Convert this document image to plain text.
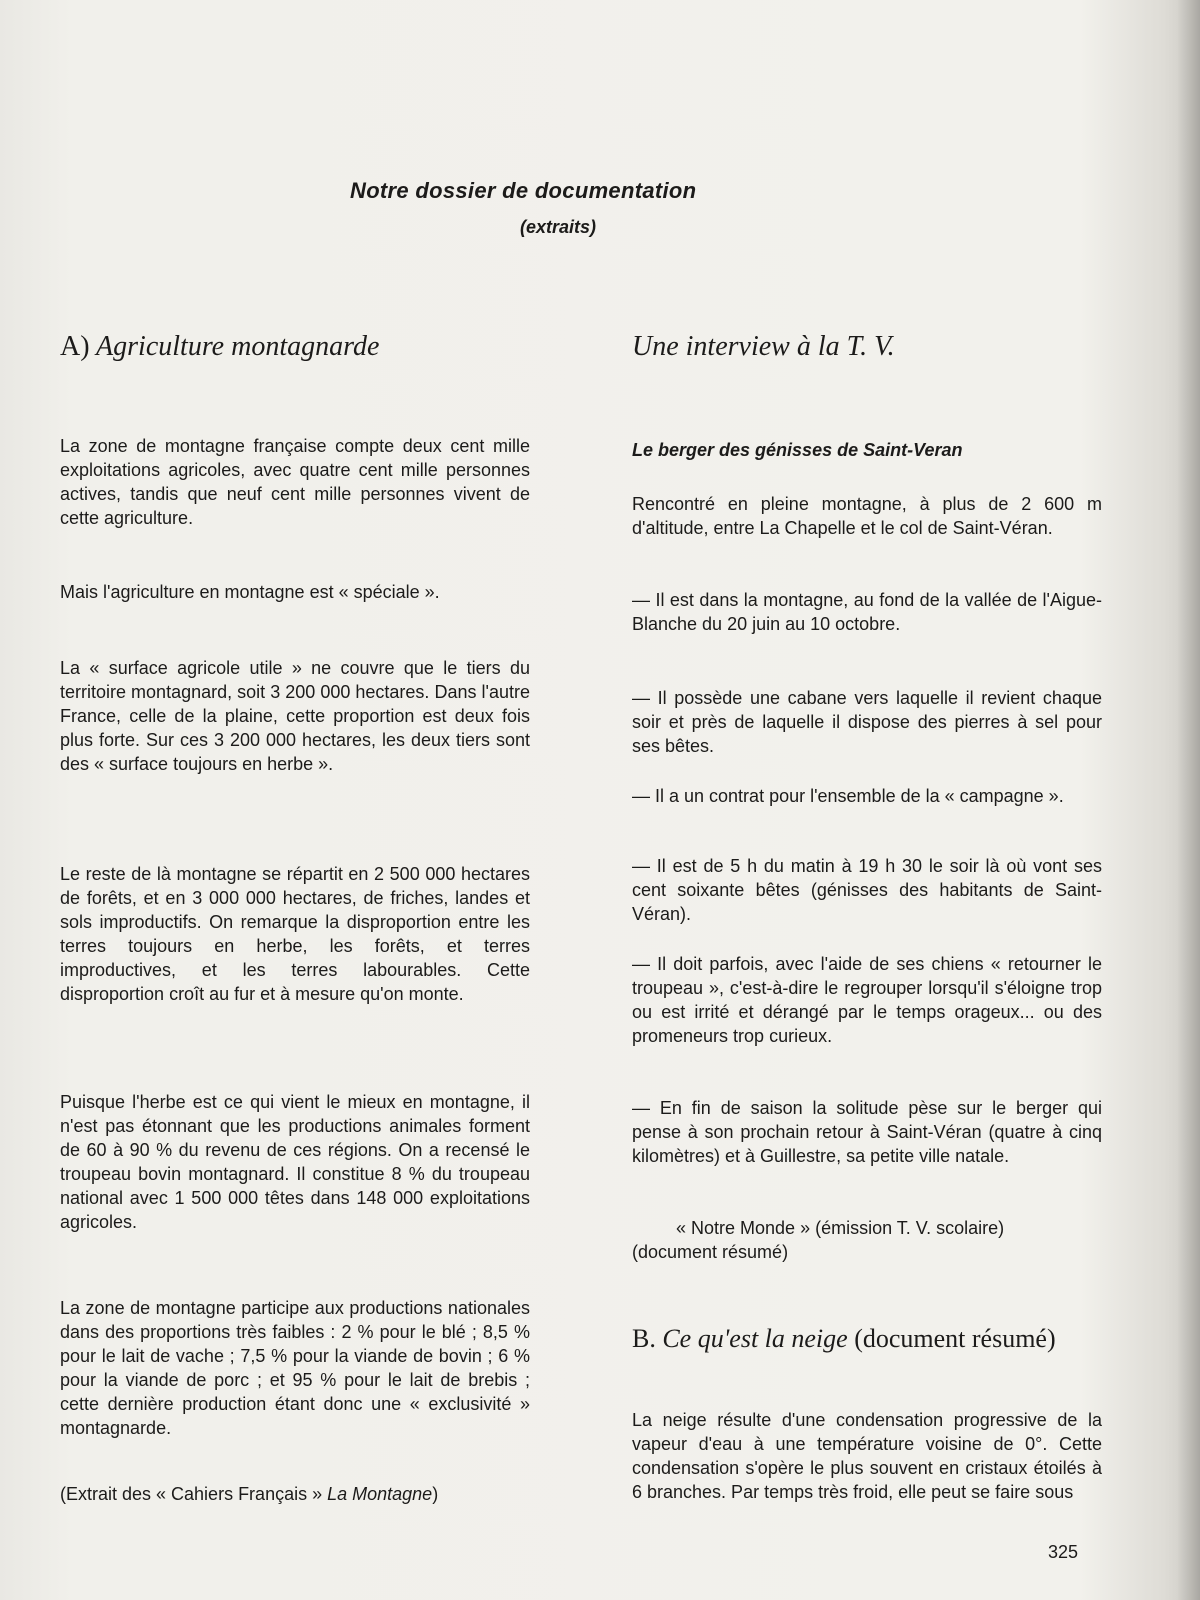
Notre dossier de documentation
(extraits)
A) Agriculture montagnarde

La zone de montagne française compte deux cent mille exploitations agricoles, avec quatre cent mille personnes actives, tandis que neuf cent mille personnes vivent de cette agriculture.

Mais l'agriculture en montagne est « spéciale ».

La « surface agricole utile » ne couvre que le tiers du territoire montagnard, soit 3 200 000 hectares. Dans l'autre France, celle de la plaine, cette proportion est deux fois plus forte. Sur ces 3 200 000 hectares, les deux tiers sont des « surface toujours en herbe ».

Le reste de là montagne se répartit en 2 500 000 hectares de forêts, et en 3 000 000 hectares, de friches, landes et sols improductifs. On remarque la disproportion entre les terres toujours en herbe, les forêts, et terres improductives, et les terres labourables. Cette disproportion croît au fur et à mesure qu'on monte.

Puisque l'herbe est ce qui vient le mieux en montagne, il n'est pas étonnant que les productions animales forment de 60 à 90 % du revenu de ces régions. On a recensé le troupeau bovin montagnard. Il constitue 8 % du troupeau national avec 1 500 000 têtes dans 148 000 exploitations agricoles.

La zone de montagne participe aux productions nationales dans des proportions très faibles : 2 % pour le blé ; 8,5 % pour le lait de vache ; 7,5 % pour la viande de bovin ; 6 % pour la viande de porc ; et 95 % pour le lait de brebis ; cette dernière production étant donc une « exclusivité » montagnarde.

(Extrait des « Cahiers Français » La Montagne)

Une interview à la T. V.

Le berger des génisses de Saint-Veran

Rencontré en pleine montagne, à plus de 2 600 m d'altitude, entre La Chapelle et le col de Saint-Véran.

— Il est dans la montagne, au fond de la vallée de l'Aigue-Blanche du 20 juin au 10 octobre.

— Il possède une cabane vers laquelle il revient chaque soir et près de laquelle il dispose des pierres à sel pour ses bêtes.

— Il a un contrat pour l'ensemble de la « campagne ».

— Il est de 5 h du matin à 19 h 30 le soir là où vont ses cent soixante bêtes (génisses des habitants de Saint-Véran).

— Il doit parfois, avec l'aide de ses chiens « retourner le troupeau », c'est-à-dire le regrouper lorsqu'il s'éloigne trop ou est irrité et dérangé par le temps orageux... ou des promeneurs trop curieux.

— En fin de saison la solitude pèse sur le berger qui pense à son prochain retour à Saint-Véran (quatre à cinq kilomètres) et à Guillestre, sa petite ville natale.

« Notre Monde » (émission T. V. scolaire)

(document résumé)

B. Ce qu'est la neige (document résumé)

La neige résulte d'une condensation progressive de la vapeur d'eau à une température voisine de 0°. Cette condensation s'opère le plus souvent en cristaux étoilés à 6 branches. Par temps très froid, elle peut se faire sous

325
